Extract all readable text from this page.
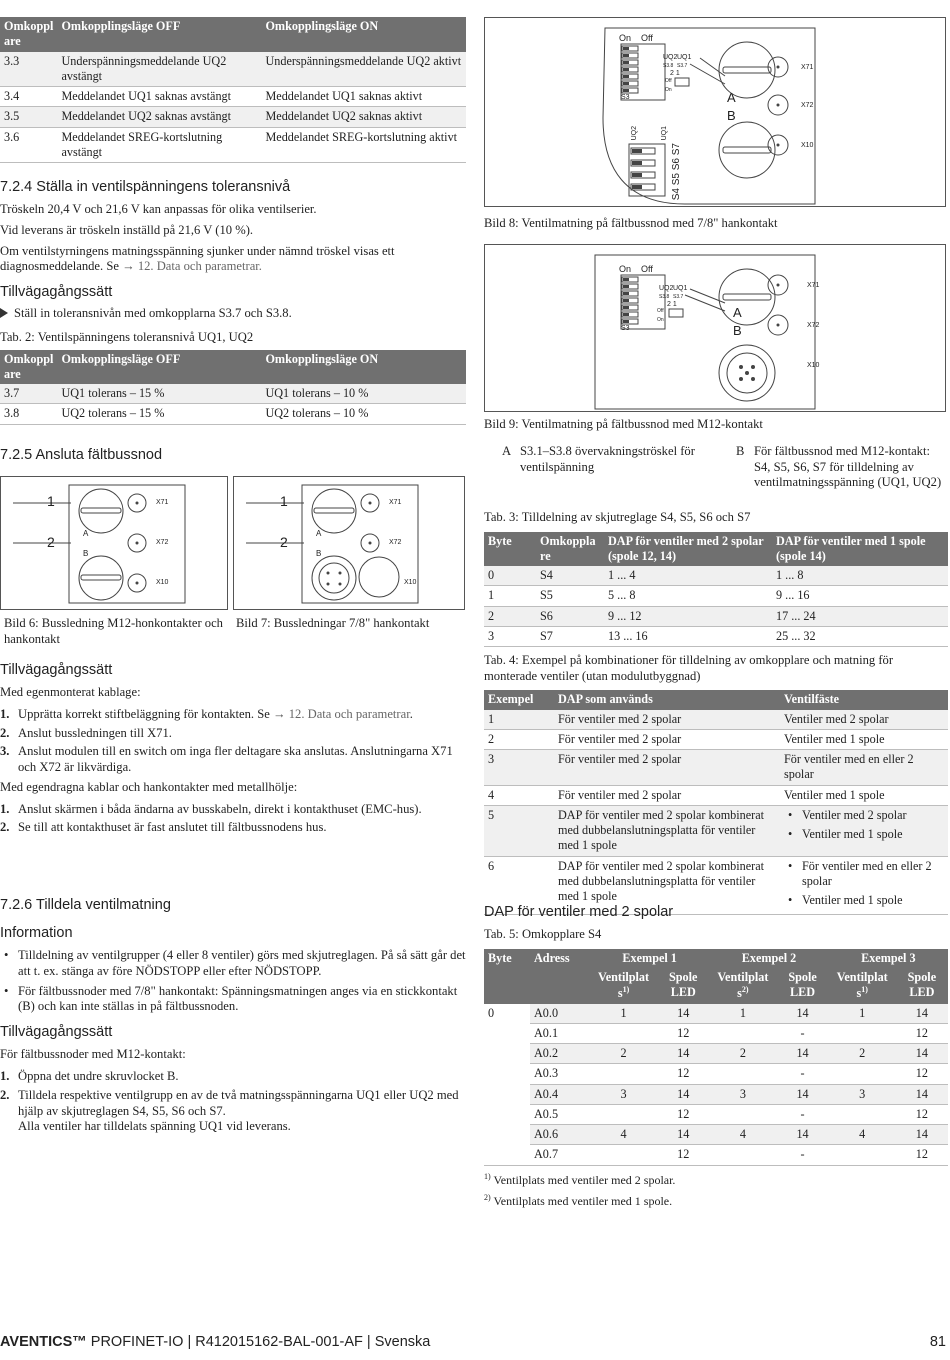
Omkoppl are	Omkopplingsläge OFF	Omkopplingsläge ON
3.3	Underspänningsmeddelande UQ2 avstängt	Underspänningsmeddelande UQ2 aktivt
3.4	Meddelandet UQ1 saknas avstängt	Meddelandet UQ1 saknas aktivt
3.5	Meddelandet UQ2 saknas avstängt	Meddelandet UQ2 saknas aktivt
3.6	Meddelandet SREG-kortslutning avstängt	Meddelandet SREG-kortslutning aktivt
7.2.4 Ställa in ventilspänningens toleransnivå

Tröskeln 20,4 V och 21,6 V kan anpassas för olika ventilserier.

Vid leverans är tröskeln inställd på 21,6 V (10 %).

Om ventilstyrningens matningsspänning sjunker under nämnd tröskel visas ett diagnosmeddelande. Se → 12. Data och parametrar.

Tillvägagångssätt

Ställ in toleransnivån med omkopplarna S3.7 och S3.8.

Tab. 2: Ventilspänningens toleransnivå UQ1, UQ2

Omkoppl are	Omkopplingsläge OFF	Omkopplingsläge ON
3.7	UQ1 tolerans – 15 %	UQ1 tolerans – 10 %
3.8	UQ2 tolerans – 15 %	UQ2 tolerans – 10 %
7.2.5 Ansluta fältbussnod
1
2
A
B
X71
X72
X10
Bild 6: Bussledning M12-honkontakter och hankontakt
1
2
A
B
X71
X72
X10
Bild 7: Bussledningar 7/8" hankontakt
Tillvägagångssätt

Med egenmonterat kablage:

1. Upprätta korrekt stiftbeläggning för kontakten. Se → 12. Data och parametrar.
2. Anslut bussledningen till X71.
3. Anslut modulen till en switch om inga fler deltagare ska anslutas. Anslutningarna X71 och X72 är likvärdiga.

Med egendragna kablar och hankontakter med metallhölje:

1. Anslut skärmen i båda ändarna av busskabeln, direkt i kontakthuset (EMC-hus).
2. Se till att kontakthuset är fast anslutet till fältbussnodens hus.
7.2.6 Tilldela ventilmatning
Information
• Tilldelning av ventilgrupper (4 eller 8 ventiler) görs med skjutreglagen. På så sätt går det att t. ex. stänga av före NÖDSTOPP eller efter NÖDSTOPP.
• För fältbussnoder med 7/8" hankontakt: Spänningsmatningen anges via en stickkontakt (B) och kan inte ställas in på fältbussnoden.
Tillvägagångssätt

För fältbussnoder med M12-kontakt:

1. Öppna det undre skruvlocket B.
2. Tilldela respektive ventilgrupp en av de två matningsspänningarna UQ1 eller UQ2 med hjälp av skjutreglagen S4, S5, S6 och S7.
Alla ventiler har tilldelats spänning UQ1 vid leverans.
On Off
S3
UQ2 UQ1
S3.8 S3.7
2 1
Off
On	A
B
X71
X72
X10
S4 S5 S6 S7
UQ2	UQ1
Bild 8: Ventilmatning på fältbussnod med 7/8" hankontakt
On Off
S3
UQ2 UQ1
S3.8 S3.7
2 1
Off
On	A
B
X71
X72
X10
Bild 9: Ventilmatning på fältbussnod med M12-kontakt
A S3.1–S3.8 övervakningströskel för ventilspänning
B För fältbussnod med M12-kontakt: S4, S5, S6, S7 för tilldelning av ventilmatningsspänning (UQ1, UQ2)

Tab. 3: Tilldelning av skjutreglage S4, S5, S6 och S7

Byte	Omkoppla re	DAP för ventiler med 2 spolar (spole 12, 14)	DAP för ventiler med 1 spole (spole 14)
0	S4	1 ... 4	1 ... 8
1	S5	5 ... 8	9 ... 16
2	S6	9 ... 12	17 ... 24
3	S7	13 ... 16	25 ... 32

Tab. 4: Exempel på kombinationer för tilldelning av omkopplare och matning för monterade ventiler (utan modulutbyggnad)

Exempel	DAP som används	Ventilfäste
1	För ventiler med 2 spolar	Ventiler med 2 spolar
2	För ventiler med 2 spolar	Ventiler med 1 spole
3	För ventiler med 2 spolar	För ventiler med en eller 2 spolar
4	För ventiler med 2 spolar	Ventiler med 1 spole
5	DAP för ventiler med 2 spolar kombinerat med dubbelanslutningsplatta för ventiler med 1 spole	• Ventiler med 2 spolar
• Ventiler med 1 spole

6	DAP för ventiler med 2 spolar kombinerat med dubbelanslutningsplatta för ventiler med 1 spole	• För ventiler med en eller 2 spolar
• Ventiler med 1 spole
DAP för ventiler med 2 spolar

Tab. 5: Omkopplare S4

Byte	Adress	Exempel 1		Exempel 2		Exempel 3	
		Ventilplat $s^{1)}$	Spole LED	Ventilplat $s^{2)}$	Spole LED	Ventilplat $s^{1)}$	Spole LED
0	A0.0	1	14	1	14	1	14
	A0.1		12		-		12
	A0.2	2	14	2	14	2	14
	A0.3		12		-		12
	A0.4	3	14	3	14	3	14
	A0.5		12		-		12
	A0.6	4	14	4	14	4	14
	A0.7		12		-		12

$^{1)}$ Ventilplats med ventiler med 2 spolar.

$^{2)}$ Ventilplats med ventiler med 1 spole.

AVENTICS™ PROFINET-IO | R412015162-BAL-001-AF | Svenska	81
